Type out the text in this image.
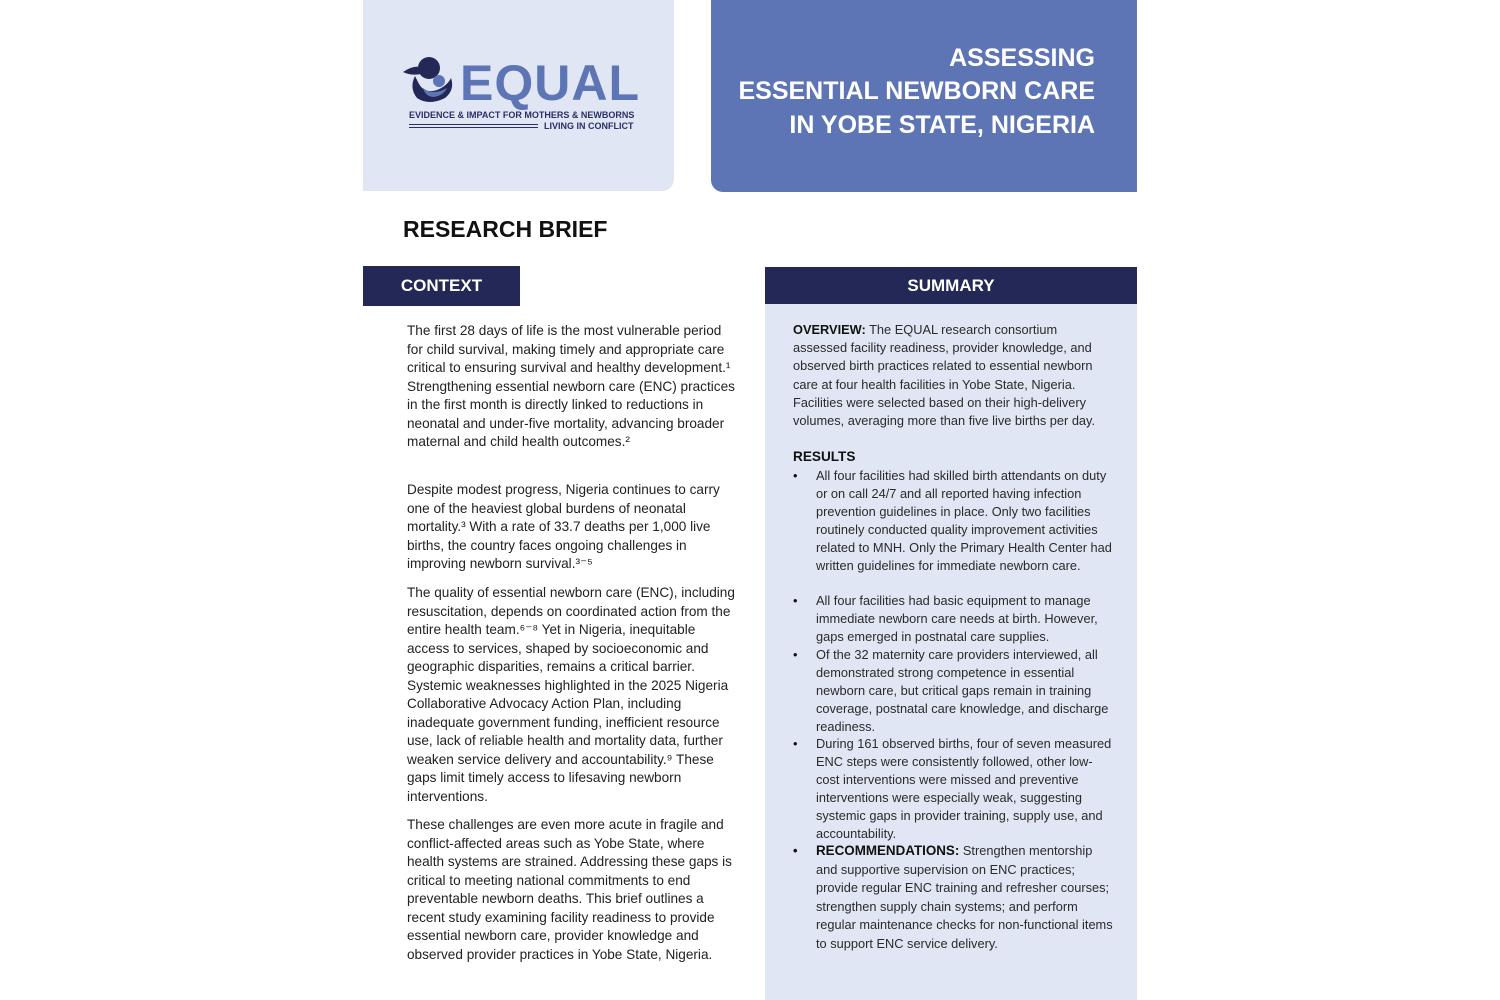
EQUAL
EVIDENCE & IMPACT FOR MOTHERS & NEWBORNS
LIVING IN CONFLICT
ASSESSING
ESSENTIAL NEWBORN CARE
IN YOBE STATE, NIGERIA
RESEARCH BRIEF
CONTEXT

The first 28 days of life is the most vulnerable period for child survival, making timely and appropriate care critical to ensuring survival and healthy development.¹ Strengthening essential newborn care (ENC) practices in the first month is directly linked to reductions in neonatal and under-five mortality, advancing broader maternal and child health outcomes.²

Despite modest progress, Nigeria continues to carry one of the heaviest global burdens of neonatal mortality.³ With a rate of 33.7 deaths per 1,000 live births, the country faces ongoing challenges in improving newborn survival.³⁻⁵

The quality of essential newborn care (ENC), including resuscitation, depends on coordinated action from the entire health team.⁶⁻⁸ Yet in Nigeria, inequitable access to services, shaped by socioeconomic and geographic disparities, remains a critical barrier. Systemic weaknesses highlighted in the 2025 Nigeria Collaborative Advocacy Action Plan, including inadequate government funding, inefficient resource use, lack of reliable health and mortality data, further weaken service delivery and accountability.⁹ These gaps limit timely access to lifesaving newborn interventions.

These challenges are even more acute in fragile and conflict-affected areas such as Yobe State, where health systems are strained. Addressing these gaps is critical to meeting national commitments to end preventable newborn deaths. This brief outlines a recent study examining facility readiness to provide essential newborn care, provider knowledge and observed provider practices in Yobe State, Nigeria.

SUMMARY
OVERVIEW: The EQUAL research consortium assessed facility readiness, provider knowledge, and observed birth practices related to essential newborn care at four health facilities in Yobe State, Nigeria. Facilities were selected based on their high-delivery volumes, averaging more than five live births per day.
RESULTS
• All four facilities had skilled birth attendants on duty or on call 24/7 and all reported having infection prevention guidelines in place. Only two facilities routinely conducted quality improvement activities related to MNH. Only the Primary Health Center had written guidelines for immediate newborn care.
• All four facilities had basic equipment to manage immediate newborn care needs at birth. However, gaps emerged in postnatal care supplies.
• Of the 32 maternity care providers interviewed, all demonstrated strong competence in essential newborn care, but critical gaps remain in training coverage, postnatal care knowledge, and discharge readiness.
• During 161 observed births, four of seven measured ENC steps were consistently followed, other low-cost interventions were missed and preventive interventions were especially weak, suggesting systemic gaps in provider training, supply use, and accountability.
• RECOMMENDATIONS: Strengthen mentorship and supportive supervision on ENC practices; provide regular ENC training and refresher courses; strengthen supply chain systems; and perform regular maintenance checks for non-functional items to support ENC service delivery.
